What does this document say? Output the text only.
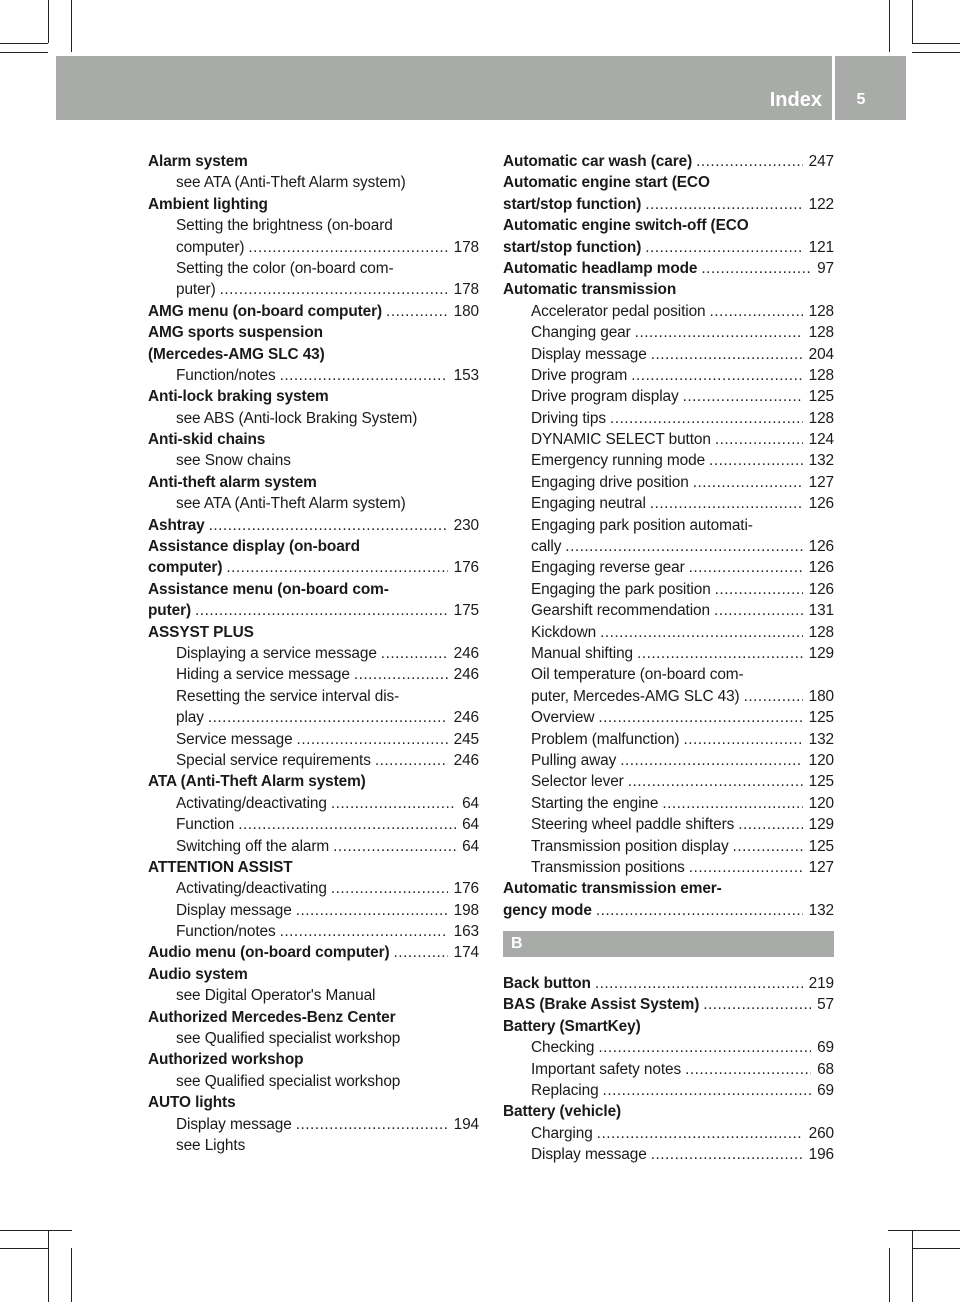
Index	5
Alarm system
see ATA (Anti-Theft Alarm system)
Ambient lighting
Setting the brightness (on-board
computer) .....	178
Setting the color (on-board com-
puter) .....	178
AMG menu (on-board computer) .....	180
AMG sports suspension
(Mercedes-AMG SLC 43)
Function/notes .....	153
Anti-lock braking system
see ABS (Anti-lock Braking System)
Anti-skid chains
see Snow chains
Anti-theft alarm system
see ATA (Anti-Theft Alarm system)
Ashtray .....	230
Assistance display (on-board
computer) .....	176
Assistance menu (on-board com-
puter) .....	175
ASSYST PLUS
Displaying a service message .....	246
Hiding a service message .....	246
Resetting the service interval dis-
play .....	246
Service message .....	245
Special service requirements .....	246
ATA (Anti-Theft Alarm system)
Activating/deactivating .....	64
Function .....	64
Switching off the alarm .....	64
ATTENTION ASSIST
Activating/deactivating .....	176
Display message .....	198
Function/notes .....	163
Audio menu (on-board computer) .....	174
Audio system
see Digital Operator's Manual
Authorized Mercedes-Benz Center
see Qualified specialist workshop
Authorized workshop
see Qualified specialist workshop
AUTO lights
Display message .....	194
see Lights
Automatic car wash (care) .....	247
Automatic engine start (ECO
start/stop function) .....	122
Automatic engine switch-off (ECO
start/stop function) .....	121
Automatic headlamp mode .....	97
Automatic transmission
Accelerator pedal position .....	128
Changing gear .....	128
Display message .....	204
Drive program .....	128
Drive program display .....	125
Driving tips .....	128
DYNAMIC SELECT button .....	124
Emergency running mode .....	132
Engaging drive position .....	127
Engaging neutral .....	126
Engaging park position automati-
cally .....	126
Engaging reverse gear .....	126
Engaging the park position .....	126
Gearshift recommendation .....	131
Kickdown .....	128
Manual shifting .....	129
Oil temperature (on-board com-
puter, Mercedes-AMG SLC 43) .....	180
Overview .....	125
Problem (malfunction) .....	132
Pulling away .....	120
Selector lever .....	125
Starting the engine .....	120
Steering wheel paddle shifters .....	129
Transmission position display .....	125
Transmission positions .....	127
Automatic transmission emer-
gency mode .....	132
B
Back button .....	219
BAS (Brake Assist System) .....	57
Battery (SmartKey)
Checking .....	69
Important safety notes .....	68
Replacing .....	69
Battery (vehicle)
Charging .....	260
Display message .....	196
